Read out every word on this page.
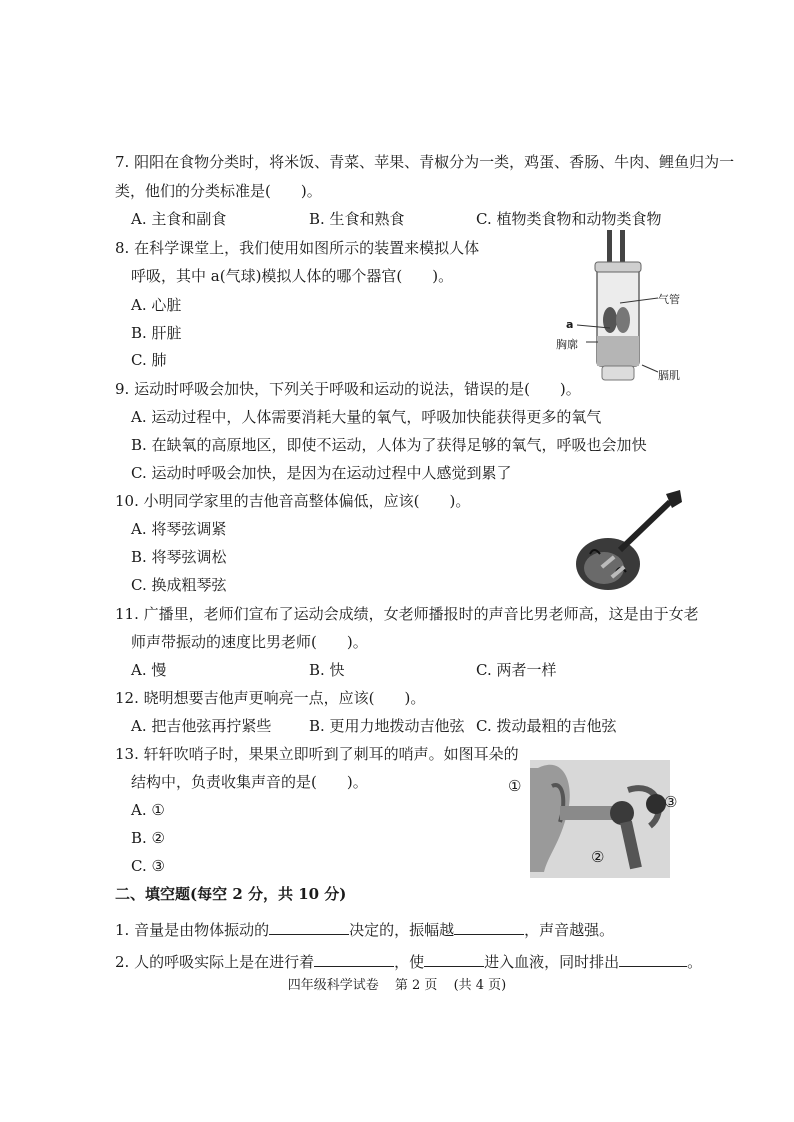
7. 阳阳在食物分类时，将米饭、青菜、苹果、青椒分为一类，鸡蛋、香肠、牛肉、鲤鱼归为一
类，他们的分类标准是(　　)。
A. 主食和副食	B. 生食和熟食	C. 植物类食物和动物类食物
8. 在科学课堂上，我们使用如图所示的装置来模拟人体
呼吸，其中 a(气球)模拟人体的哪个器官(　　)。
A. 心脏
B. 肝脏
C. 肺
气管
a
胸廓
膈肌
9. 运动时呼吸会加快，下列关于呼吸和运动的说法，错误的是(　　)。
A. 运动过程中，人体需要消耗大量的氧气，呼吸加快能获得更多的氧气
B. 在缺氧的高原地区，即使不运动，人体为了获得足够的氧气，呼吸也会加快
C. 运动时呼吸会加快，是因为在运动过程中人感觉到累了
10. 小明同学家里的吉他音高整体偏低，应该(　　)。
A. 将琴弦调紧
B. 将琴弦调松
C. 换成粗琴弦
11. 广播里，老师们宣布了运动会成绩，女老师播报时的声音比男老师高，这是由于女老
师声带振动的速度比男老师(　　)。
A. 慢	B. 快	C. 两者一样
12. 晓明想要吉他声更响亮一点，应该(　　)。
A. 把吉他弦再拧紧些	B. 更用力地拨动吉他弦 C. 拨动最粗的吉他弦
13. 轩轩吹哨子时，果果立即听到了刺耳的哨声。如图耳朵的
结构中，负责收集声音的是(　　)。
A. ①
B. ②
C. ③
①
③
②
二、填空题(每空 2 分，共 10 分)
1. 音量是由物体振动的	决定的，振幅越	，声音越强。
2. 人的呼吸实际上是在进行着	，使	进入血液，同时排出	。
四年级科学试卷 第 2 页 (共 4 页)
